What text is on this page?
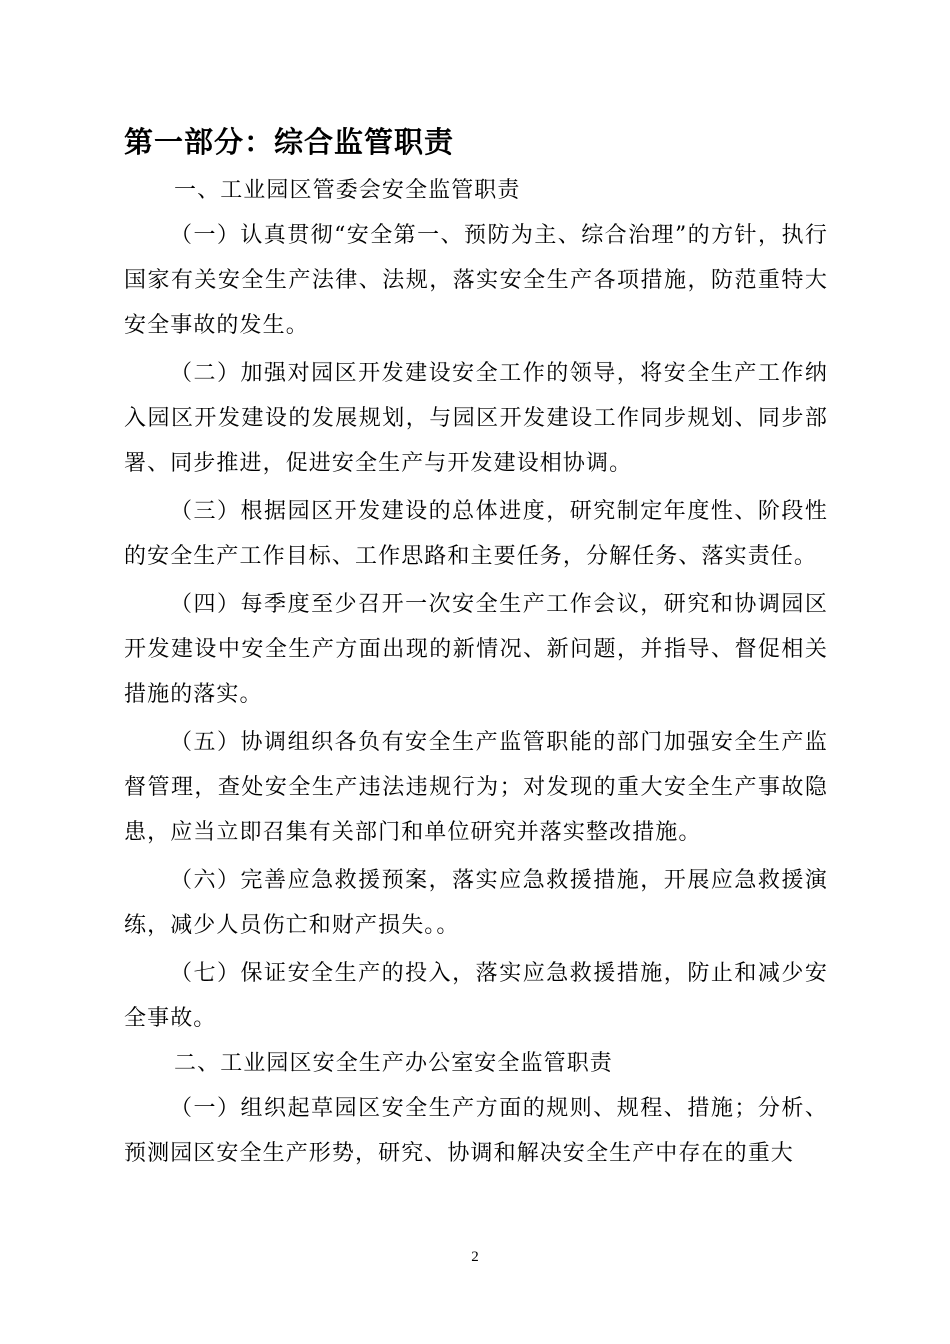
第一部分：综合监管职责
一、工业园区管委会安全监管职责

（一）认真贯彻“安全第一、预防为主、综合治理”的方针，执行国家有关安全生产法律、法规，落实安全生产各项措施，防范重特大安全事故的发生。

（二）加强对园区开发建设安全工作的领导，将安全生产工作纳入园区开发建设的发展规划，与园区开发建设工作同步规划、同步部署、同步推进，促进安全生产与开发建设相协调。

（三）根据园区开发建设的总体进度，研究制定年度性、阶段性的安全生产工作目标、工作思路和主要任务，分解任务、落实责任。

（四）每季度至少召开一次安全生产工作会议，研究和协调园区开发建设中安全生产方面出现的新情况、新问题，并指导、督促相关措施的落实。

（五）协调组织各负有安全生产监管职能的部门加强安全生产监督管理，查处安全生产违法违规行为；对发现的重大安全生产事故隐患，应当立即召集有关部门和单位研究并落实整改措施。

（六）完善应急救援预案，落实应急救援措施，开展应急救援演练，减少人员伤亡和财产损失。。

（七）保证安全生产的投入，落实应急救援措施，防止和减少安全事故。

二、工业园区安全生产办公室安全监管职责

（一）组织起草园区安全生产方面的规则、规程、措施；分析、预测园区安全生产形势，研究、协调和解决安全生产中存在的重大

2
